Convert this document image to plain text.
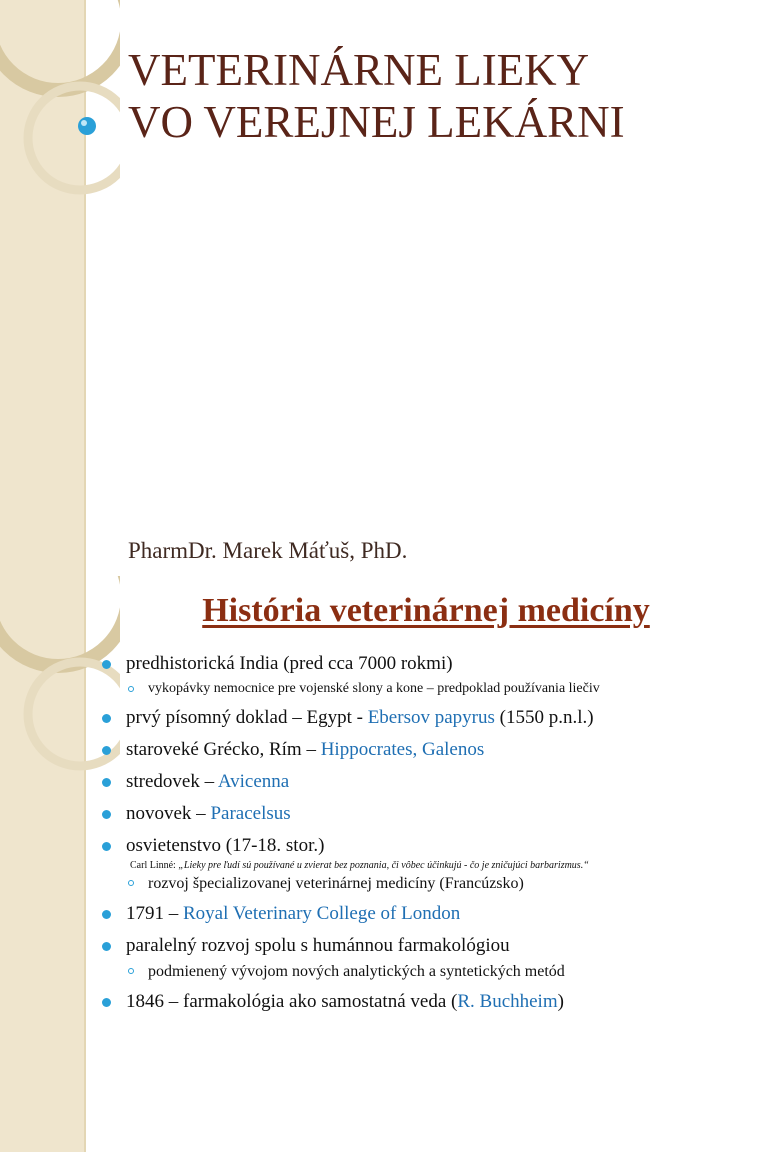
VETERINÁRNE LIEKY
VO VEREJNEJ LEKÁRNI
PharmDr. Marek Máťuš, PhD.
História veterinárnej medicíny
predhistorická India (pred cca 7000 rokmi)
vykopávky nemocnice pre vojenské slony a kone – predpoklad používania liečiv
prvý písomný doklad – Egypt - Ebersov papyrus (1550 p.n.l.)
staroveké Grécko, Rím – Hippocrates, Galenos
stredovek – Avicenna
novovek – Paracelsus
osvietenstvo (17-18. stor.)
Carl Linné: „Lieky pre ľudí sú používané u zvierat bez poznania, či vôbec účinkujú - čo je zničujúci barbarizmus.“
rozvoj špecializovanej veterinárnej medicíny (Francúzsko)
1791 – Royal Veterinary College of London
paralelný rozvoj spolu s humánnou farmakológiou
podmienený vývojom nových analytických a syntetických metód
1846 – farmakológia ako samostatná veda (R. Buchheim)
